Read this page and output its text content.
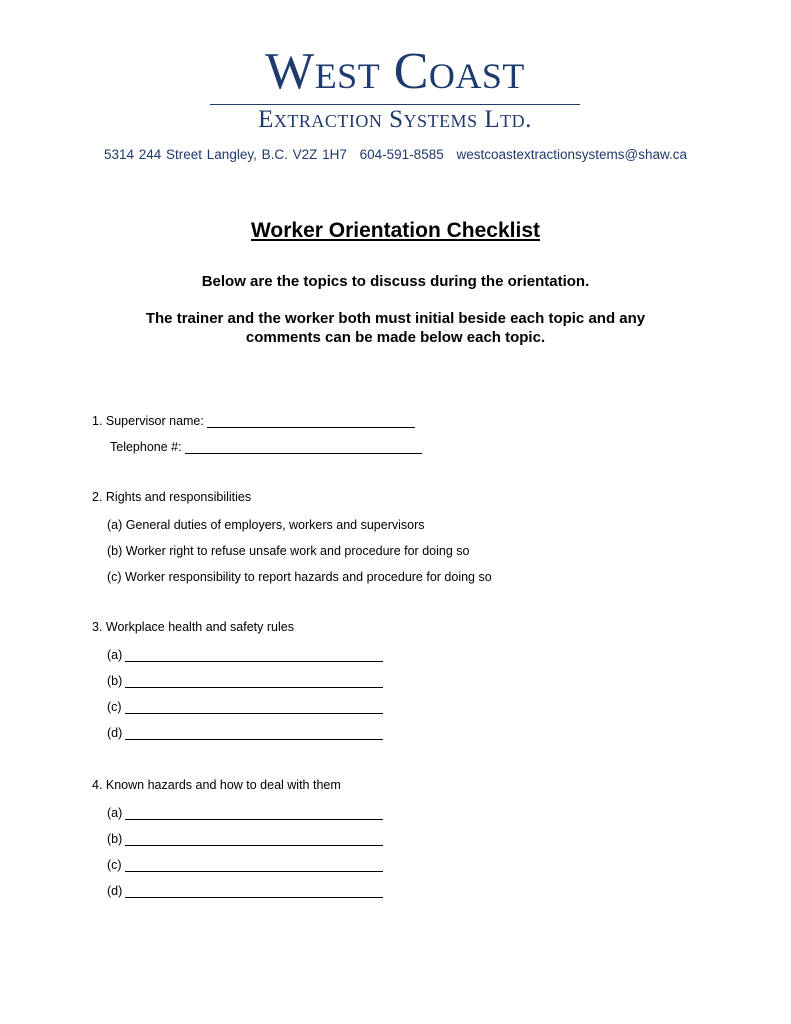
West Coast
Extraction Systems Ltd.
5314 244 Street Langley, B.C. V2Z 1H7 604-591-8585 westcoastextractionsystems@shaw.ca
Worker Orientation Checklist
Below are the topics to discuss during the orientation.
The trainer and the worker both must initial beside each topic and any
comments can be made below each topic.
1. Supervisor name:
Telephone #:
2. Rights and responsibilities
(a) General duties of employers, workers and supervisors
(b) Worker right to refuse unsafe work and procedure for doing so
(c) Worker responsibility to report hazards and procedure for doing so
3. Workplace health and safety rules
(a)
(b)
(c)
(d)
4. Known hazards and how to deal with them
(a)
(b)
(c)
(d)
